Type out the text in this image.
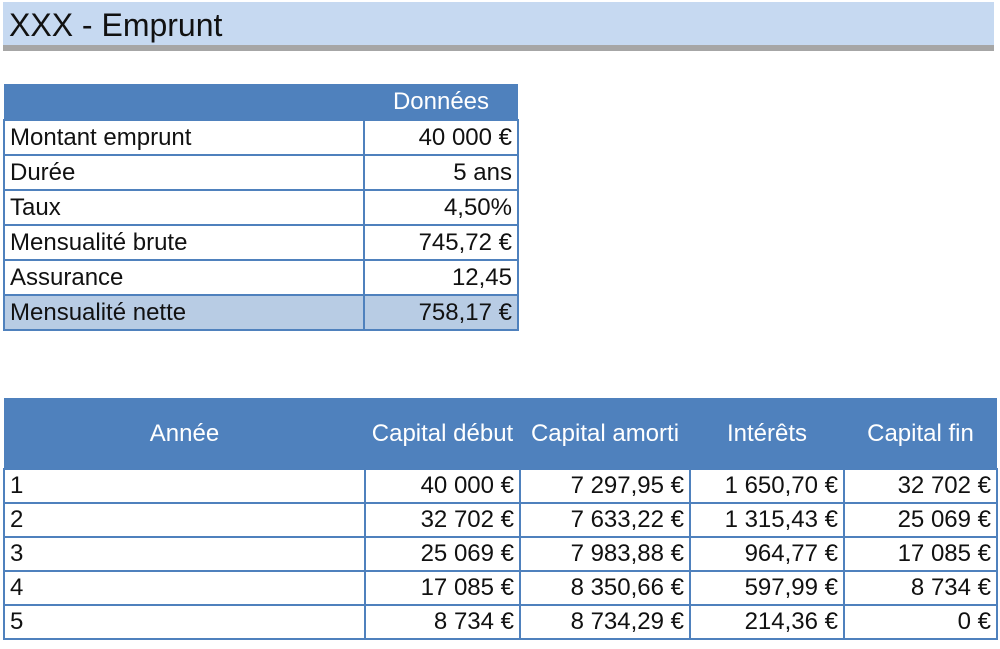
XXX - Emprunt
	Données
Montant emprunt	40 000 €
Durée	5 ans
Taux	4,50%
Mensualité brute	745,72 €
Assurance	12,45
Mensualité nette	758,17 €
Année	Capital début	Capital amorti	Intérêts	Capital fin
1	40 000 €	7 297,95 €	1 650,70 €	32 702 €
2	32 702 €	7 633,22 €	1 315,43 €	25 069 €
3	25 069 €	7 983,88 €	964,77 €	17 085 €
4	17 085 €	8 350,66 €	597,99 €	8 734 €
5	8 734 €	8 734,29 €	214,36 €	0 €
